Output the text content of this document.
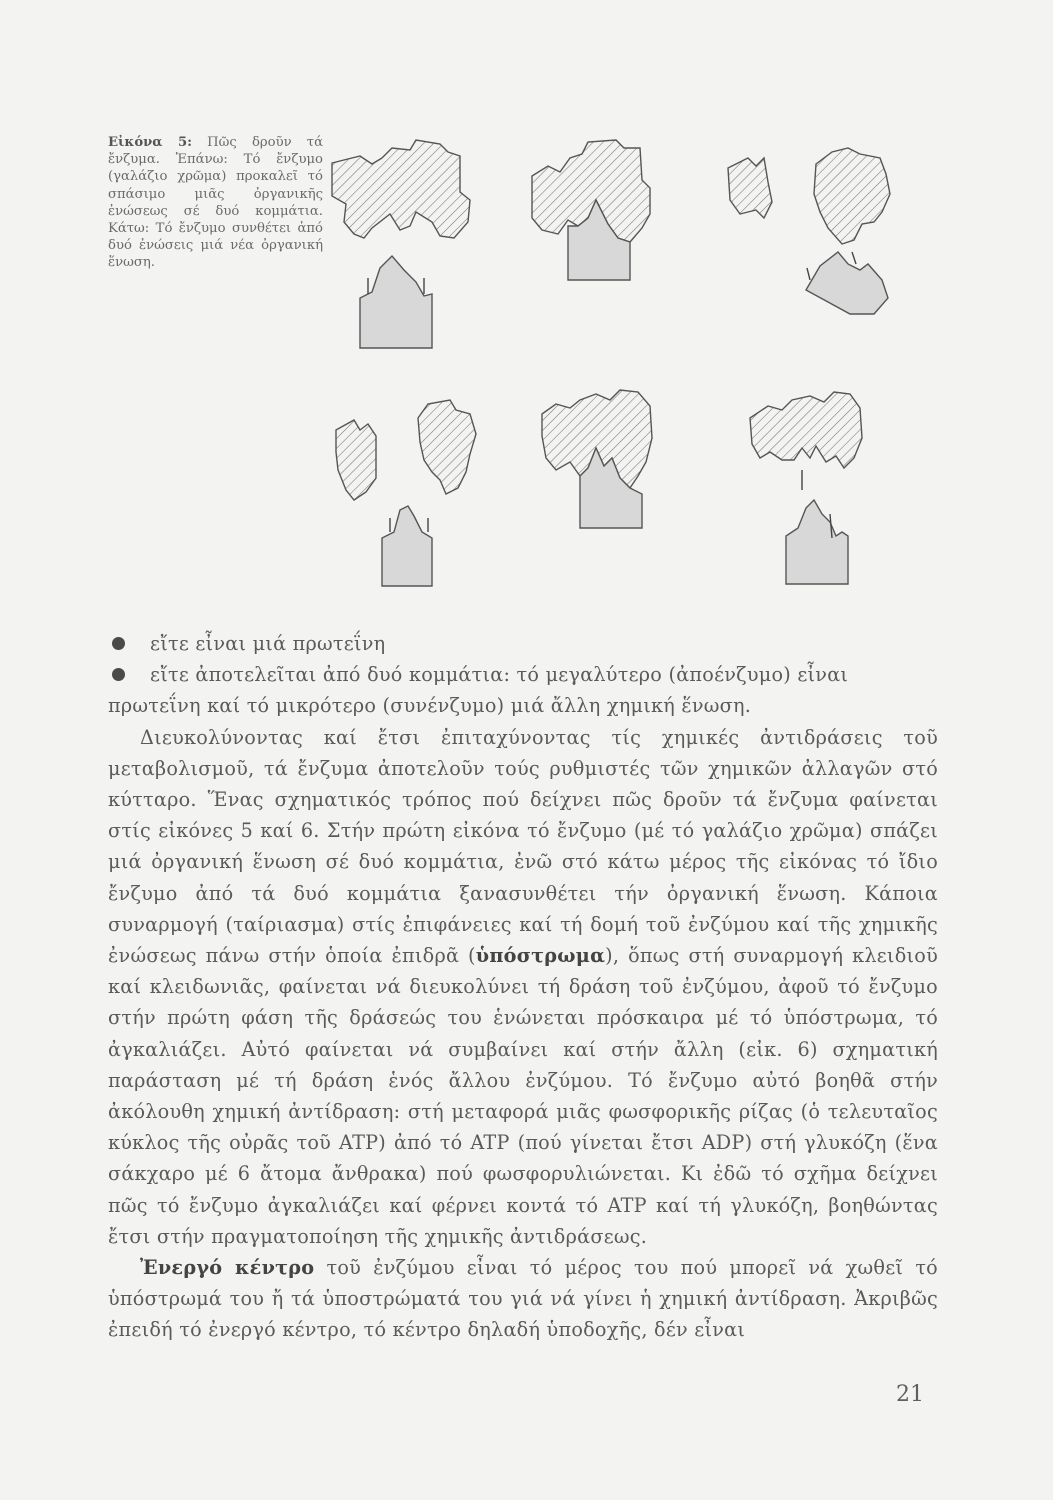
Εἰκόνα 5: Πῶς δροῦν τά ἔνζυμα. Ἐπάνω: Τό ἔνζυμο (γαλάζιο χρῶμα) προκαλεῖ τό σπάσιμο μιᾶς ὀργανικῆς ἐνώσεως σέ δυό κομμάτια. Κάτω: Τό ἔνζυμο συνθέτει ἀπό δυό ἐνώσεις μιά νέα ὀργανική ἕνωση.
εἴτε εἶναι μιά πρωτεΐνη
εἴτε ἀποτελεῖται ἀπό δυό κομμάτια: τό μεγαλύτερο (ἀποένζυμο) εἶναι

πρωτεΐνη καί τό μικρότερο (συνένζυμο) μιά ἄλλη χημική ἕνωση.

Διευκολύνοντας καί ἔτσι ἐπιταχύνοντας τίς χημικές ἀντιδράσεις τοῦ μεταβολισμοῦ, τά ἔνζυμα ἀποτελοῦν τούς ρυθμιστές τῶν χημικῶν ἀλλαγῶν στό κύτταρο. Ἕνας σχηματικός τρόπος πού δείχνει πῶς δροῦν τά ἔνζυμα φαίνεται στίς εἰκόνες 5 καί 6. Στήν πρώτη εἰκόνα τό ἔνζυμο (μέ τό γαλάζιο χρῶμα) σπάζει μιά ὀργανική ἕνωση σέ δυό κομμάτια, ἐνῶ στό κάτω μέρος τῆς εἰκόνας τό ἴδιο ἔνζυμο ἀπό τά δυό κομμάτια ξανασυνθέτει τήν ὀργανική ἕνωση. Κάποια συναρμογή (ταίριασμα) στίς ἐπιφάνειες καί τή δομή τοῦ ἐνζύμου καί τῆς χημικῆς ἐνώσεως πάνω στήν ὁποία ἐπιδρᾶ (ὑπόστρωμα), ὅπως στή συναρμογή κλειδιοῦ καί κλειδωνιᾶς, φαίνεται νά διευκολύνει τή δράση τοῦ ἐνζύμου, ἀφοῦ τό ἔνζυμο στήν πρώτη φάση τῆς δράσεώς του ἑνώνεται πρόσκαιρα μέ τό ὑπόστρωμα, τό ἀγκαλιάζει. Αὐτό φαίνεται νά συμβαίνει καί στήν ἄλλη (εἰκ. 6) σχηματική παράσταση μέ τή δράση ἑνός ἄλλου ἐνζύμου. Τό ἔνζυμο αὐτό βοηθᾶ στήν ἀκόλουθη χημική ἀντίδραση: στή μεταφορά μιᾶς φωσφορικῆς ρίζας (ὁ τελευταῖος κύκλος τῆς οὐρᾶς τοῦ ATP) ἀπό τό ATP (πού γίνεται ἔτσι ADP) στή γλυκόζη (ἕνα σάκχαρο μέ 6 ἄτομα ἄνθρακα) πού φωσφορυλιώνεται. Κι ἐδῶ τό σχῆμα δείχνει πῶς τό ἔνζυμο ἀγκαλιάζει καί φέρνει κοντά τό ATP καί τή γλυκόζη, βοηθώντας ἔτσι στήν πραγματοποίηση τῆς χημικῆς ἀντιδράσεως.

Ἐνεργό κέντρο τοῦ ἐνζύμου εἶναι τό μέρος του πού μπορεῖ νά χωθεῖ τό ὑπόστρωμά του ἤ τά ὑποστρώματά του γιά νά γίνει ἡ χημική ἀντίδραση. Ἀκριβῶς ἐπειδή τό ἐνεργό κέντρο, τό κέντρο δηλαδή ὑποδοχῆς, δέν εἶναι

21
